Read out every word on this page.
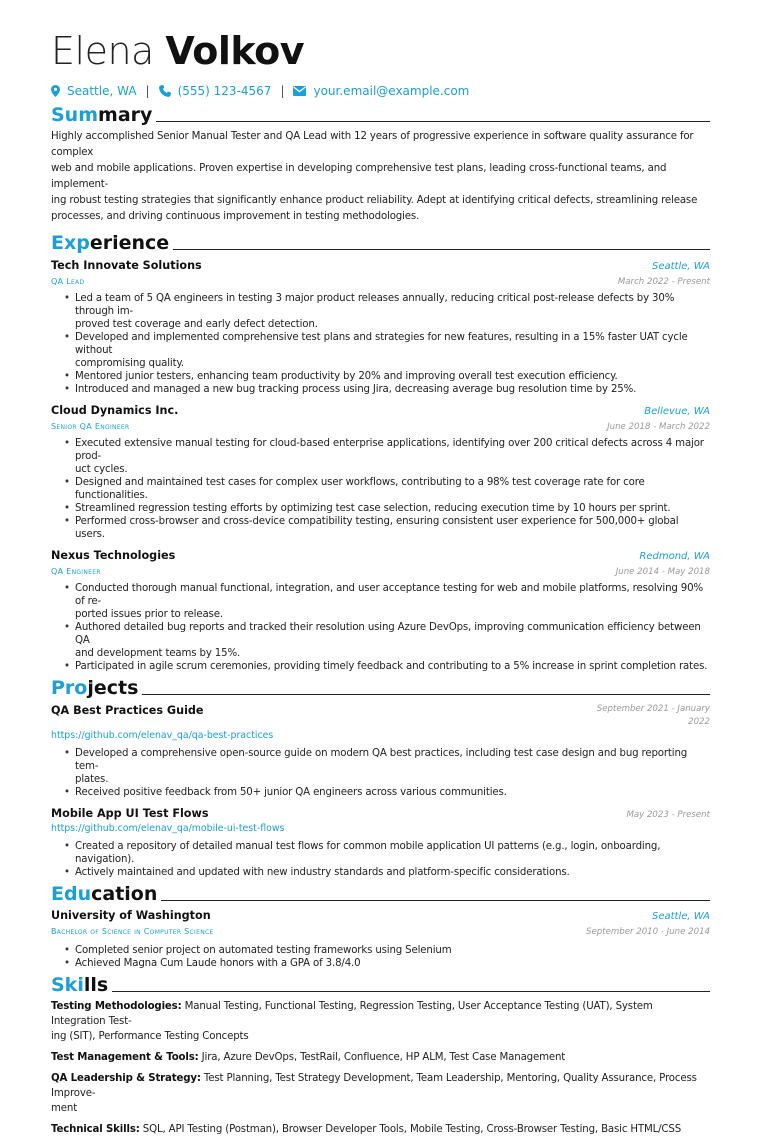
Elena Volkov
Seattle, WA | (555) 123-4567 | your.email@example.com
Summary
Highly accomplished Senior Manual Tester and QA Lead with 12 years of progressive experience in software quality assurance for complex
web and mobile applications. Proven expertise in developing comprehensive test plans, leading cross-functional teams, and implement-
ing robust testing strategies that significantly enhance product reliability. Adept at identifying critical defects, streamlining release
processes, and driving continuous improvement in testing methodologies.
Experience
Tech Innovate Solutions	Seattle, WA
QA Lead	March 2022 - Present
• Led a team of 5 QA engineers in testing 3 major product releases annually, reducing critical post-release defects by 30% through im-
proved test coverage and early defect detection.
• Developed and implemented comprehensive test plans and strategies for new features, resulting in a 15% faster UAT cycle without
compromising quality.
• Mentored junior testers, enhancing team productivity by 20% and improving overall test execution efficiency.
• Introduced and managed a new bug tracking process using Jira, decreasing average bug resolution time by 25%.
Cloud Dynamics Inc.	Bellevue, WA
Senior QA Engineer	June 2018 - March 2022
• Executed extensive manual testing for cloud-based enterprise applications, identifying over 200 critical defects across 4 major prod-
uct cycles.
• Designed and maintained test cases for complex user workflows, contributing to a 98% test coverage rate for core functionalities.
• Streamlined regression testing efforts by optimizing test case selection, reducing execution time by 10 hours per sprint.
• Performed cross-browser and cross-device compatibility testing, ensuring consistent user experience for 500,000+ global users.
Nexus Technologies	Redmond, WA
QA Engineer	June 2014 - May 2018
• Conducted thorough manual functional, integration, and user acceptance testing for web and mobile platforms, resolving 90% of re-
ported issues prior to release.
• Authored detailed bug reports and tracked their resolution using Azure DevOps, improving communication efficiency between QA
and development teams by 15%.
• Participated in agile scrum ceremonies, providing timely feedback and contributing to a 5% increase in sprint completion rates.
Projects
QA Best Practices Guide	September 2021 - January
2022
https://github.com/elenav_qa/qa-best-practices
• Developed a comprehensive open-source guide on modern QA best practices, including test case design and bug reporting tem-
plates.
• Received positive feedback from 50+ junior QA engineers across various communities.
Mobile App UI Test Flows	May 2023 - Present
https://github.com/elenav_qa/mobile-ui-test-flows
• Created a repository of detailed manual test flows for common mobile application UI patterns (e.g., login, onboarding, navigation).
• Actively maintained and updated with new industry standards and platform-specific considerations.
Education
University of Washington	Seattle, WA
Bachelor of Science in Computer Science	September 2010 - June 2014
• Completed senior project on automated testing frameworks using Selenium
• Achieved Magna Cum Laude honors with a GPA of 3.8/4.0
Skills
Testing Methodologies: Manual Testing, Functional Testing, Regression Testing, User Acceptance Testing (UAT), System Integration Test-
ing (SIT), Performance Testing Concepts
Test Management & Tools: Jira, Azure DevOps, TestRail, Confluence, HP ALM, Test Case Management
QA Leadership & Strategy: Test Planning, Test Strategy Development, Team Leadership, Mentoring, Quality Assurance, Process Improve-
ment
Technical Skills: SQL, API Testing (Postman), Browser Developer Tools, Mobile Testing, Cross-Browser Testing, Basic HTML/CSS
